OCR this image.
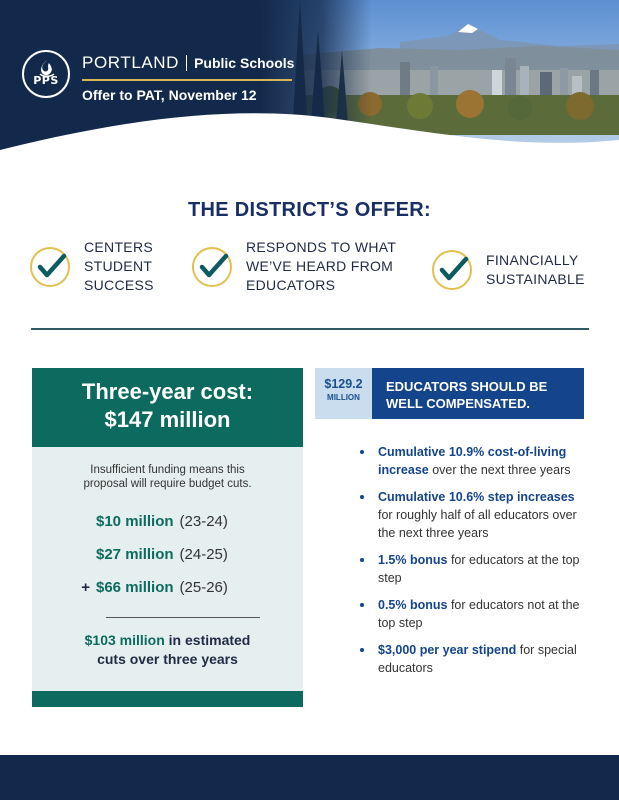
PPS
PORTLAND Public Schools
Offer to PAT, November 12
THE DISTRICT’S OFFER:
CENTERS
STUDENT
SUCCESS
RESPONDS TO WHAT
WE’VE HEARD FROM
EDUCATORS
FINANCIALLY
SUSTAINABLE
Three-year cost:
$147 million
Insufficient funding means this
proposal will require budget cuts.
$10 million (23-24)
$27 million (24-25)
+ $66 million (25-26)
$103 million in estimated
cuts over three years
$129.2
MILLION
EDUCATORS SHOULD BE
WELL COMPENSATED.
Cumulative 10.9% cost-of-living increase over the next three years
Cumulative 10.6% step increases for roughly half of all educators over the next three years
1.5% bonus for educators at the top step
0.5% bonus for educators not at the top step
$3,000 per year stipend for special educators
